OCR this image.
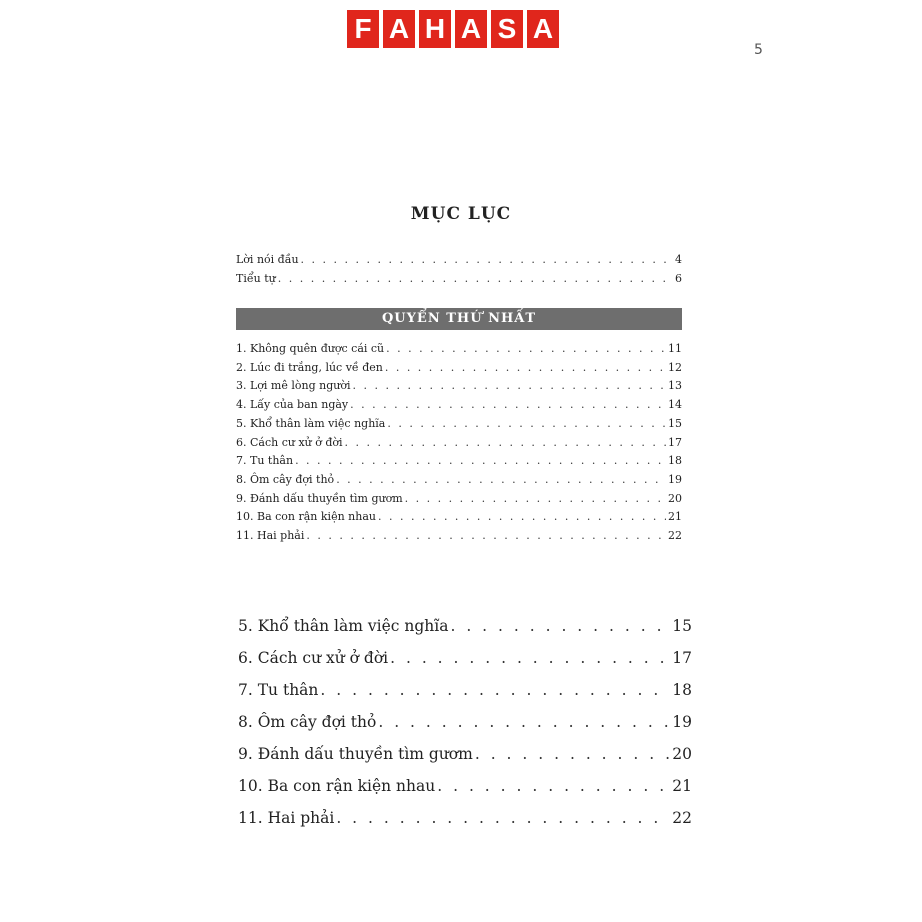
F A H A S A
5
MỤC LỤC
Lời nói đầu . . .	4
Tiểu tự . . .	6
QUYỂN THỨ NHẤT
1. Không quên được cái cũ . . .	11
2. Lúc đi trắng, lúc về đen . . .	12
3. Lợi mê lòng người . . .	13
4. Lấy của ban ngày . . .	14
5. Khổ thân làm việc nghĩa . . .	15
6. Cách cư xử ở đời . . .	17
7. Tu thân . . .	18
8. Ôm cây đợi thỏ . . .	19
9. Đánh dấu thuyền tìm gươm . . .	20
10. Ba con rận kiện nhau . . .	21
11. Hai phải . . .	22
5. Khổ thân làm việc nghĩa . . .	15
6. Cách cư xử ở đời . . .	17
7. Tu thân . . .	18
8. Ôm cây đợi thỏ . . .	19
9. Đánh dấu thuyền tìm gươm . . .	20
10. Ba con rận kiện nhau . . .	21
11. Hai phải . . .	22
